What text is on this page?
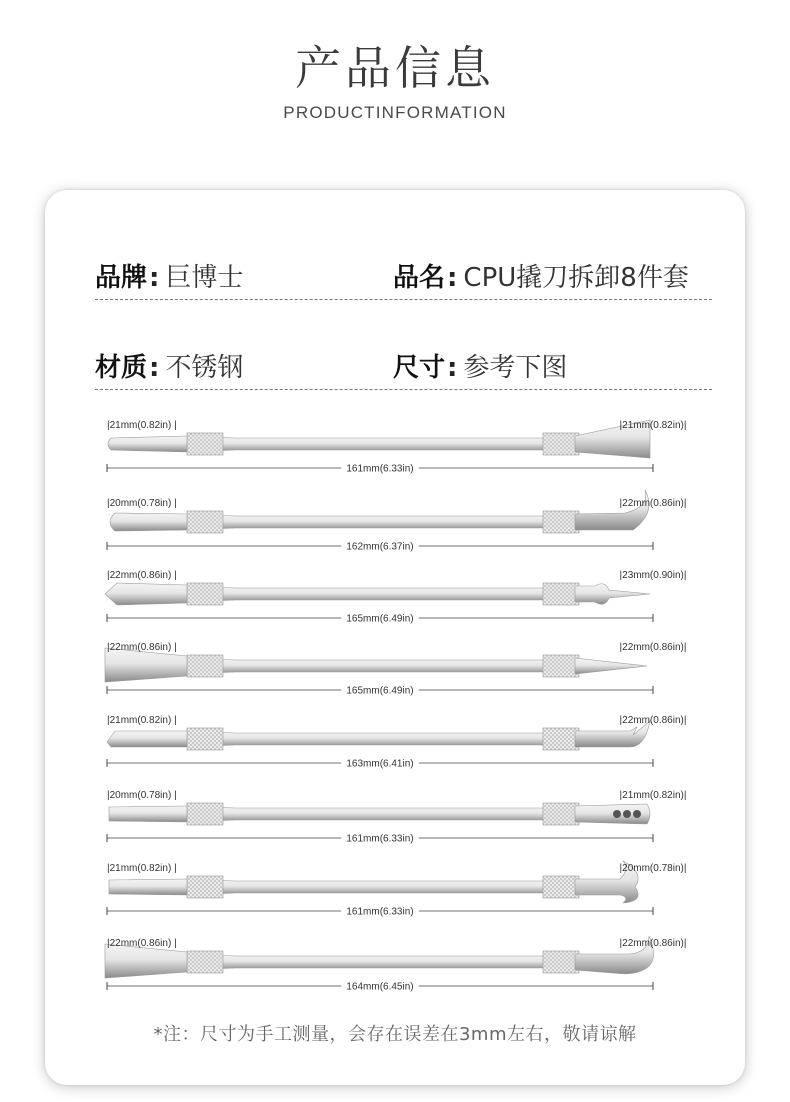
产品信息
PRODUCTINFORMATION
品牌: 巨博士	品名: CPU撬刀拆卸8件套
材质: 不锈钢	尺寸: 参考下图
|21mm(0.82in) |	|21mm(0.82in)|
161mm(6.33in)
|20mm(0.78in) |	|22mm(0.86in)|
162mm(6.37in)
|22mm(0.86in) |	|23mm(0.90in)|
165mm(6.49in)
|22mm(0.86in) |	|22mm(0.86in)|
165mm(6.49in)
|21mm(0.82in) |	|22mm(0.86in)|
163mm(6.41in)
|20mm(0.78in) |	|21mm(0.82in)|
161mm(6.33in)
|21mm(0.82in) |	|20mm(0.78in)|
161mm(6.33in)
|22mm(0.86in) |	|22mm(0.86in)|
164mm(6.45in)
*注：尺寸为手工测量，会存在误差在3mm左右，敬请谅解
